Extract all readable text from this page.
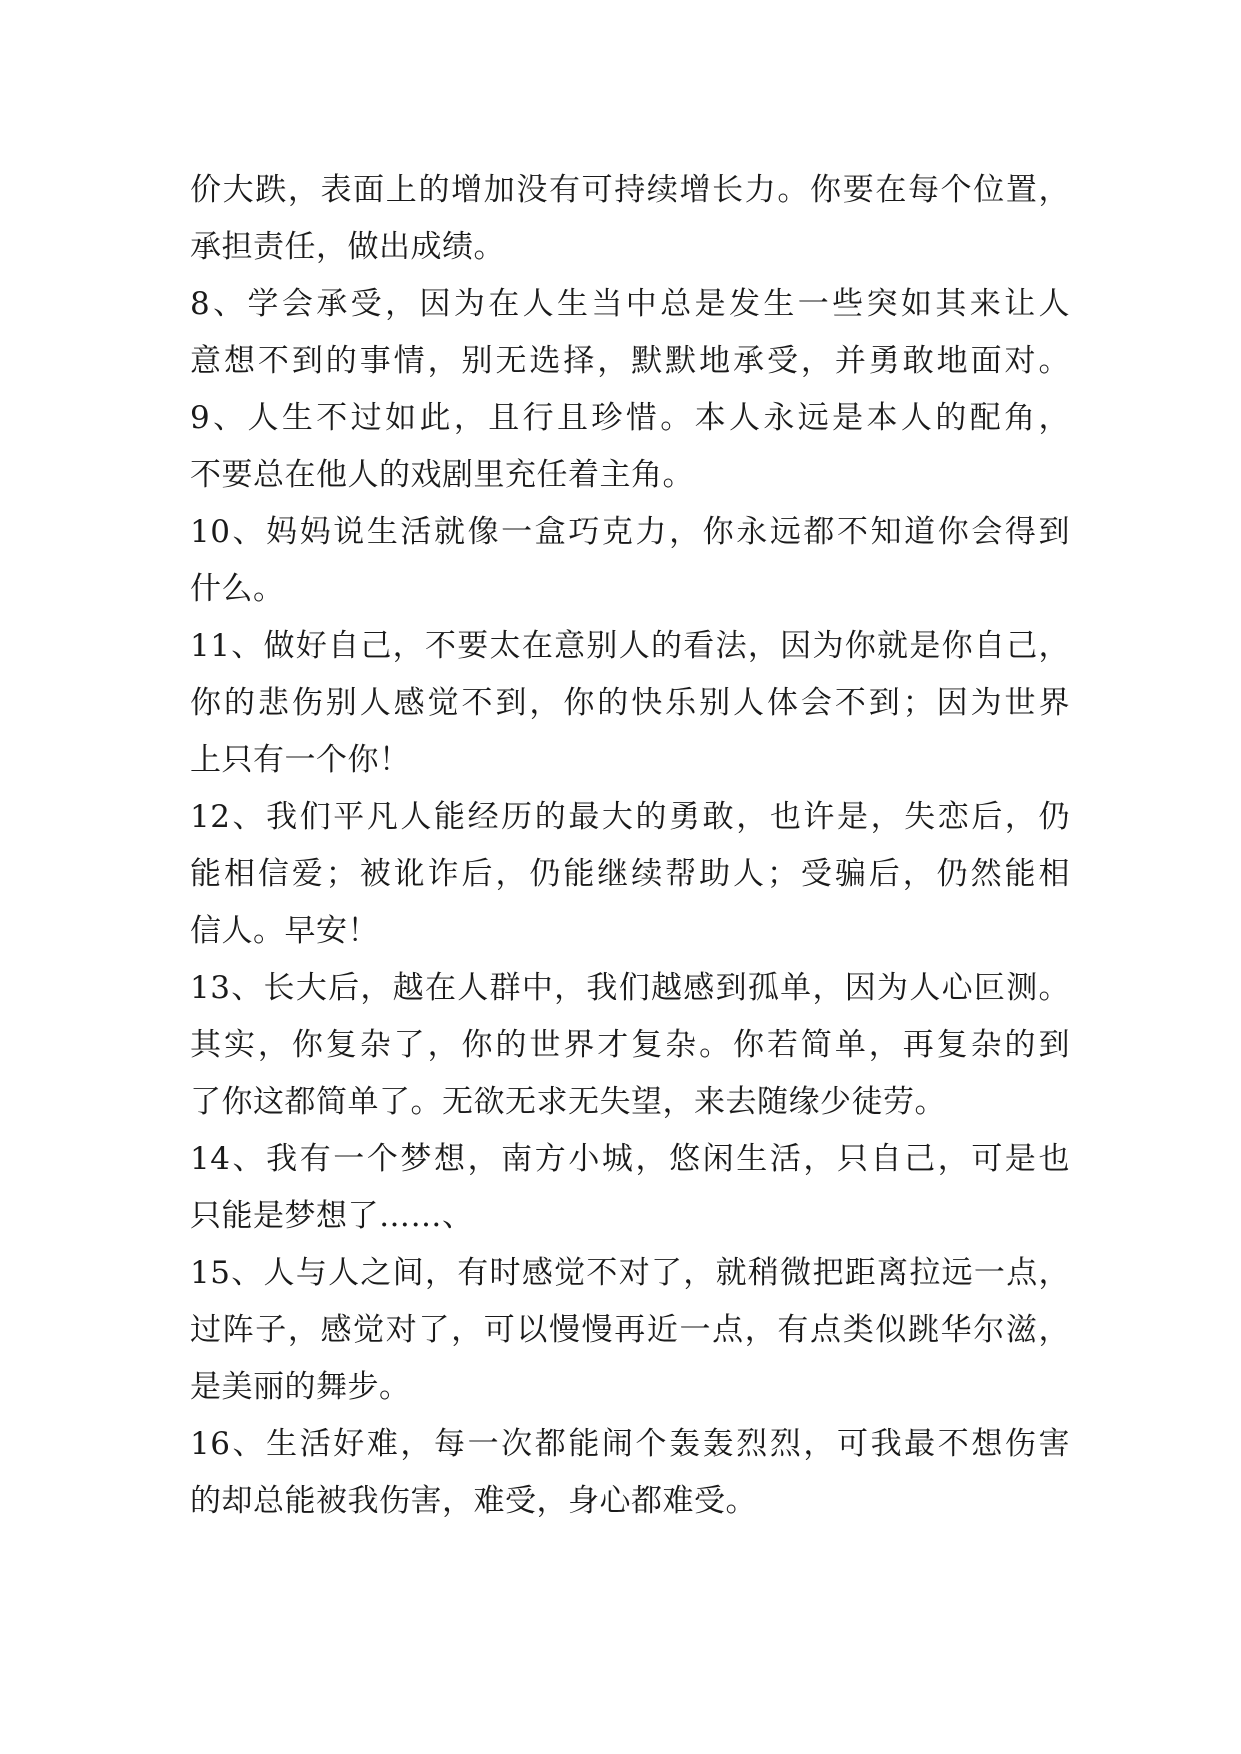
价大跌，表面上的增加没有可持续增长力。你要在每个位置，
承担责任，做出成绩。
8、学会承受，因为在人生当中总是发生一些突如其来让人
意想不到的事情，别无选择，默默地承受，并勇敢地面对。
9、人生不过如此，且行且珍惜。本人永远是本人的配角，
不要总在他人的戏剧里充任着主角。
10、妈妈说生活就像一盒巧克力，你永远都不知道你会得到
什么。
11、做好自己，不要太在意别人的看法，因为你就是你自己，
你的悲伤别人感觉不到，你的快乐别人体会不到；因为世界
上只有一个你！
12、我们平凡人能经历的最大的勇敢，也许是，失恋后，仍
能相信爱；被讹诈后，仍能继续帮助人；受骗后，仍然能相
信人。早安！
13、长大后，越在人群中，我们越感到孤单，因为人心叵测。
其实，你复杂了，你的世界才复杂。你若简单，再复杂的到
了你这都简单了。无欲无求无失望，来去随缘少徒劳。
14、我有一个梦想，南方小城，悠闲生活，只自己，可是也
只能是梦想了……、
15、人与人之间，有时感觉不对了，就稍微把距离拉远一点，
过阵子，感觉对了，可以慢慢再近一点，有点类似跳华尔滋，
是美丽的舞步。
16、生活好难，每一次都能闹个轰轰烈烈，可我最不想伤害
的却总能被我伤害，难受，身心都难受。
